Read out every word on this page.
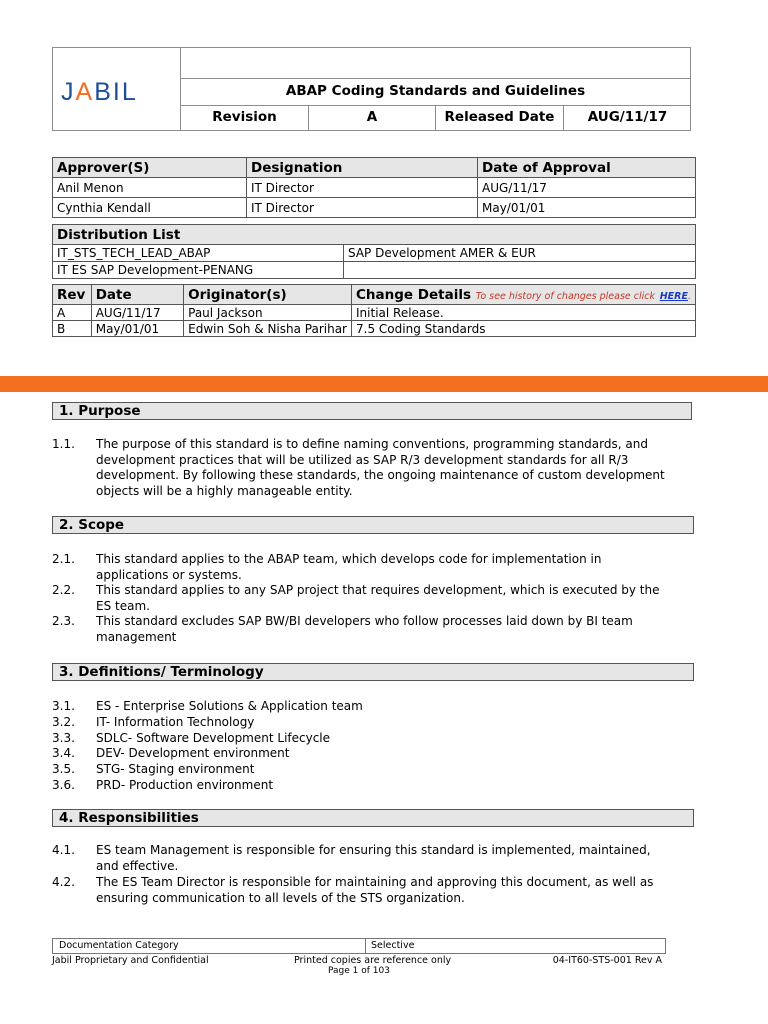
JABIL	ABAP Coding Standards and Guidelines
Revision	A	Released Date	AUG/11/17
Approver(S)	Designation	Date of Approval
Anil Menon	IT Director	AUG/11/17
Cynthia Kendall	IT Director	May/01/01
Distribution List	
IT_STS_TECH_LEAD_ABAP	SAP Development AMER & EUR
IT ES SAP Development-PENANG	
Rev	Date	Originator(s)	Change Details To see history of changes please click HERE.
A	AUG/11/17	Paul Jackson	Initial Release.
B	May/01/01	Edwin Soh & Nisha Parihar	7.5 Coding Standards
1. Purpose
1.1. The purpose of this standard is to define naming conventions, programming standards, and development practices that will be utilized as SAP R/3 development standards for all R/3 development. By following these standards, the ongoing maintenance of custom development objects will be a highly manageable entity.
2. Scope
2.1. This standard applies to the ABAP team, which develops code for implementation in applications or systems.
2.2. This standard applies to any SAP project that requires development, which is executed by the ES team.
2.3. This standard excludes SAP BW/BI developers who follow processes laid down by BI team management
3. Definitions/ Terminology
3.1. ES - Enterprise Solutions & Application team
3.2. IT- Information Technology
3.3. SDLC- Software Development Lifecycle
3.4. DEV- Development environment
3.5. STG- Staging environment
3.6. PRD- Production environment
4. Responsibilities
4.1. ES team Management is responsible for ensuring this standard is implemented, maintained, and effective.
4.2. The ES Team Director is responsible for maintaining and approving this document, as well as ensuring communication to all levels of the STS organization.
Documentation Category	Selective
Jabil Proprietary and Confidential	Printed copies are reference only	04-IT60-STS-001 Rev A
Page 1 of 103
